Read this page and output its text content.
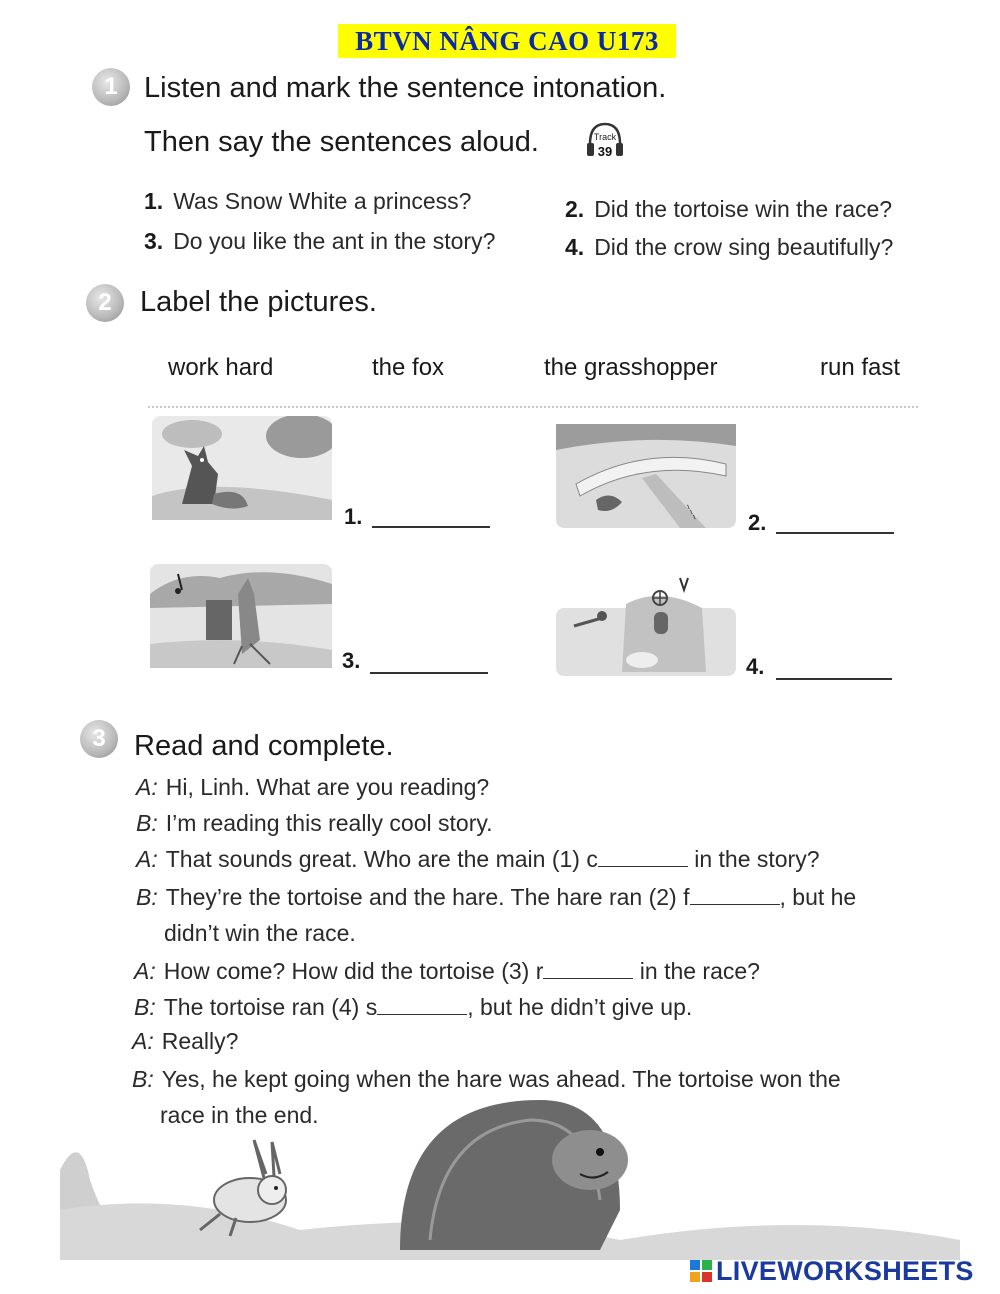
BTVN NÂNG CAO U173
1 Listen and mark the sentence intonation.
Then say the sentences aloud.	Track
39
1. Was Snow White a princess?	2. Did the tortoise win the race?
3. Do you like the ant in the story?	4. Did the crow sing beautifully?
2 Label the pictures.
work hard	the fox	the grasshopper	run fast
1.	~~~ 2.
3.	4.
3 Read and complete.
A: Hi, Linh. What are you reading?
B: I’m reading this really cool story.
A: That sounds great. Who are the main (1) c	in the story?
B: They’re the tortoise and the hare. The hare ran (2) f	, but he
didn’t win the race.
A: How come? How did the tortoise (3) r	in the race?
B: The tortoise ran (4) s	, but he didn’t give up.
A: Really?
B: Yes, he kept going when the hare was ahead. The tortoise won the
race in the end.
LIVEWORKSHEETS
